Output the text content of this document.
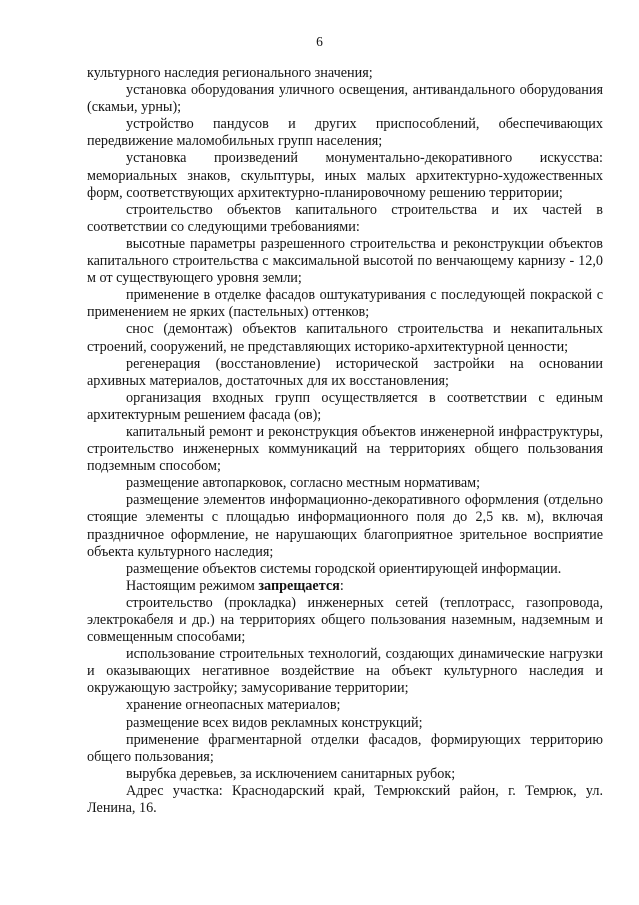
6

культурного наследия регионального значения;

установка оборудования уличного освещения, антивандального оборудования (скамьи, урны);

устройство пандусов и других приспособлений, обеспечивающих передвижение маломобильных групп населения;

установка произведений монументально-декоративного искусства: мемориальных знаков, скульптуры, иных малых архитектурно-художественных форм, соответствующих архитектурно-планировочному решению территории;

строительство объектов капитального строительства и их частей в соответствии со следующими требованиями:

высотные параметры разрешенного строительства и реконструкции объектов капитального строительства с максимальной высотой по венчающему карнизу - 12,0 м от существующего уровня земли;

применение в отделке фасадов оштукатуривания с последующей покраской с применением не ярких (пастельных) оттенков;

снос (демонтаж) объектов капитального строительства и некапитальных строений, сооружений, не представляющих историко-архитектурной ценности;

регенерация (восстановление) исторической застройки на основании архивных материалов, достаточных для их восстановления;

организация входных групп осуществляется в соответствии с единым архитектурным решением фасада (ов);

капитальный ремонт и реконструкция объектов инженерной инфраструктуры, строительство инженерных коммуникаций на территориях общего пользования подземным способом;

размещение автопарковок, согласно местным нормативам;

размещение элементов информационно-декоративного оформления (отдельно стоящие элементы с площадью информационного поля до 2,5 кв. м), включая праздничное оформление, не нарушающих благоприятное зрительное восприятие объекта культурного наследия;

размещение объектов системы городской ориентирующей информации.

Настоящим режимом запрещается:

строительство (прокладка) инженерных сетей (теплотрасс, газопровода, электрокабеля и др.) на территориях общего пользования наземным, надземным и совмещенным способами;

использование строительных технологий, создающих динамические нагрузки и оказывающих негативное воздействие на объект культурного наследия и окружающую застройку; замусоривание территории;

хранение огнеопасных материалов;

размещение всех видов рекламных конструкций;

применение фрагментарной отделки фасадов, формирующих территорию общего пользования;

вырубка деревьев, за исключением санитарных рубок;

Адрес участка: Краснодарский край, Темрюкский район, г. Темрюк, ул. Ленина, 16.
